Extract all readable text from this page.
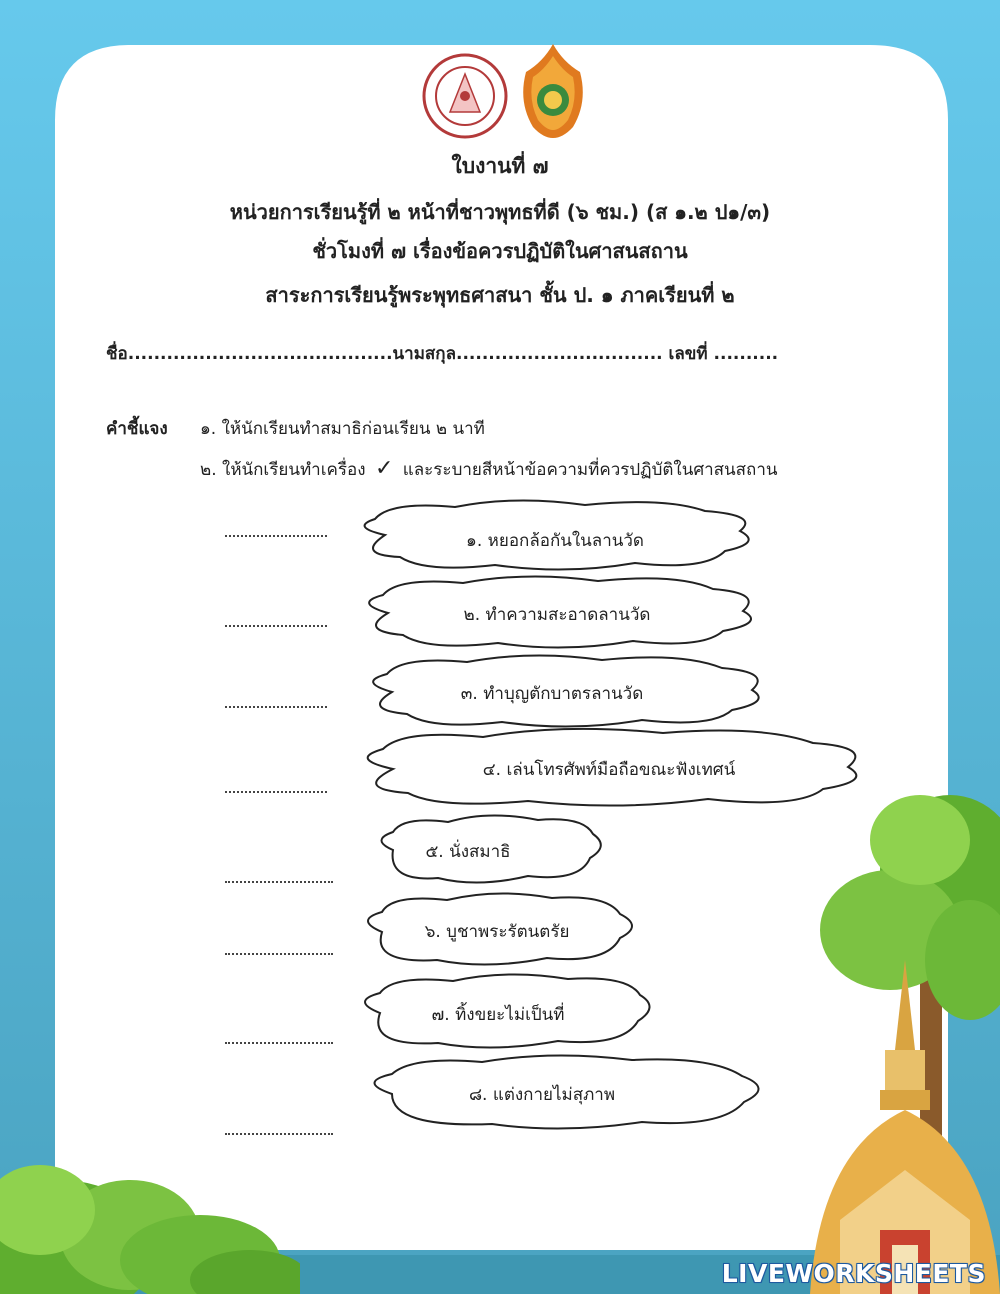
ใบงานที่ ๗
หน่วยการเรียนรู้ที่ ๒ หน้าที่ชาวพุทธที่ดี (๖ ชม.) (ส ๑.๒ ป๑/๓)
ชั่วโมงที่ ๗ เรื่องข้อควรปฏิบัติในศาสนสถาน
สาระการเรียนรู้พระพุทธศาสนา ชั้น ป. ๑ ภาคเรียนที่ ๒
ชื่อ.........................................นามสกุล................................ เลขที่ ..........
คำชี้แจง ๑. ให้นักเรียนทำสมาธิก่อนเรียน ๒ นาที
๒. ให้นักเรียนทำเครื่อง ✓ และระบายสีหน้าข้อความที่ควรปฏิบัติในศาสนสถาน
๑. หยอกล้อกันในลานวัด
๒. ทำความสะอาดลานวัด
๓. ทำบุญตักบาตรลานวัด
๔. เล่นโทรศัพท์มือถือขณะฟังเทศน์
๕. นั่งสมาธิ
๖. บูชาพระรัตนตรัย
๗. ทิ้งขยะไม่เป็นที่
๘. แต่งกายไม่สุภาพ
LIVEWORKSHEETS
